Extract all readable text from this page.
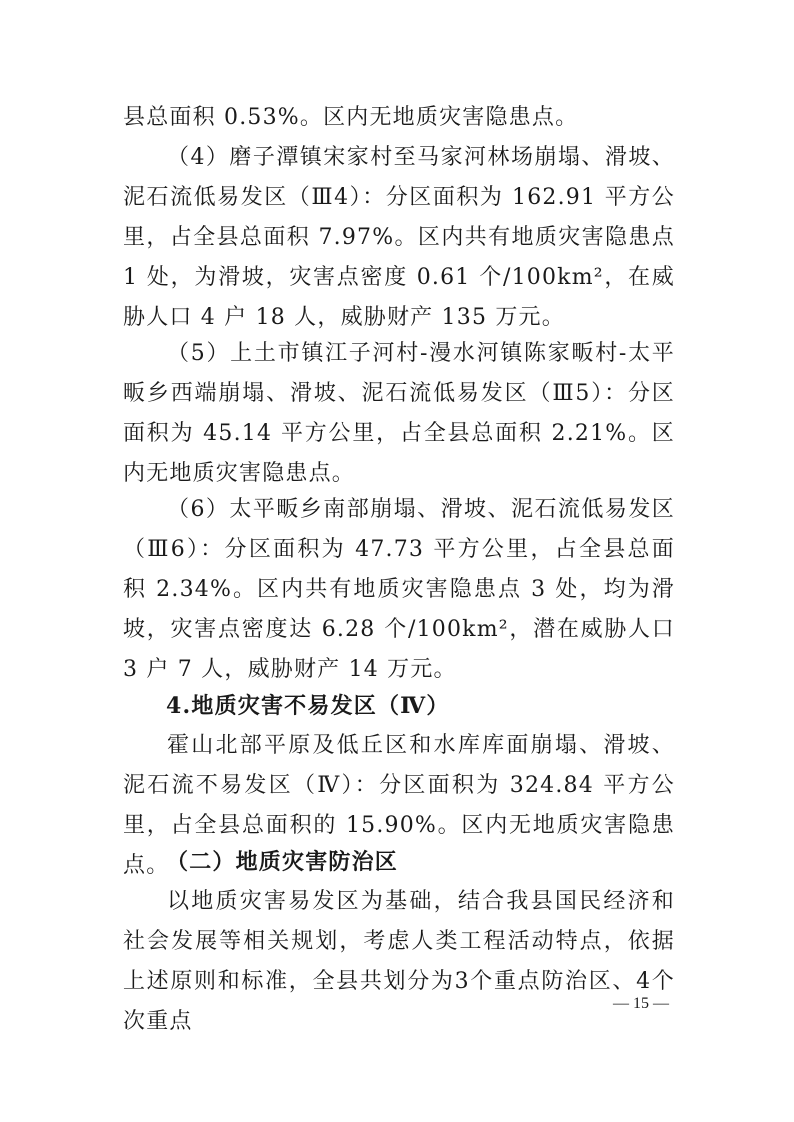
县总面积 0.53%。区内无地质灾害隐患点。

（4）磨子潭镇宋家村至马家河林场崩塌、滑坡、泥石流低易发区（Ⅲ4）：分区面积为 162.91 平方公里，占全县总面积 7.97%。区内共有地质灾害隐患点 1 处，为滑坡，灾害点密度 0.61 个/100km²，在威胁人口 4 户 18 人，威胁财产 135 万元。

（5）上土市镇江子河村-漫水河镇陈家畈村-太平畈乡西端崩塌、滑坡、泥石流低易发区（Ⅲ5）：分区面积为 45.14 平方公里，占全县总面积 2.21%。区内无地质灾害隐患点。

（6）太平畈乡南部崩塌、滑坡、泥石流低易发区（Ⅲ6）：分区面积为 47.73 平方公里，占全县总面积 2.34%。区内共有地质灾害隐患点 3 处，均为滑坡，灾害点密度达 6.28 个/100km²，潜在威胁人口 3 户 7 人，威胁财产 14 万元。

4.地质灾害不易发区（Ⅳ）

霍山北部平原及低丘区和水库库面崩塌、滑坡、泥石流不易发区（Ⅳ）：分区面积为 324.84 平方公里，占全县总面积的 15.90%。区内无地质灾害隐患点。

（二）地质灾害防治区

以地质灾害易发区为基础，结合我县国民经济和社会发展等相关规划，考虑人类工程活动特点，依据上述原则和标准，全县共划分为3个重点防治区、4个次重点

— 15 —
